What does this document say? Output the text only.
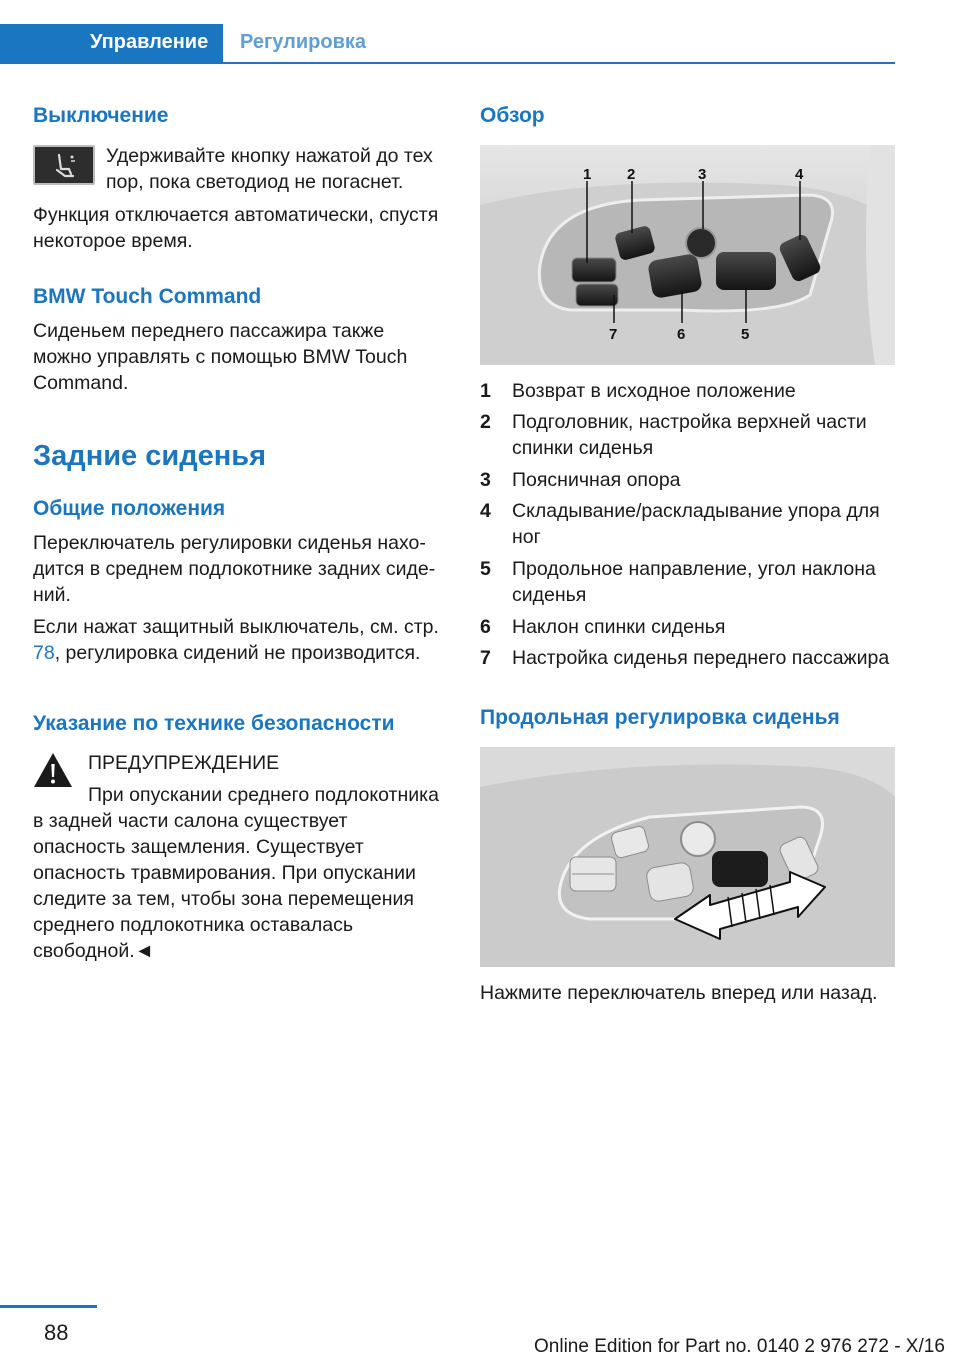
Управление	Регулировка
Выключение

Удерживайте кнопку нажатой до тех пор, пока светодиод не погаснет.

Функция отключается автоматически, спустя некоторое время.

BMW Touch Command

Сиденьем переднего пассажира также можно управлять с помощью BMW Touch Command.

Задние сиденья
Общие положения

Переключатель регулировки сиденья находится в среднем подлокотнике задних сидений.

Если нажат защитный выключатель, см. стр. 78, регулировка сидений не производится.

Указание по технике безопасности

ПРЕДУПРЕЖДЕНИЕ

При опускании среднего подлокотника в задней части салона существует опасность защемления. Существует опасность травмирования. При опускании следите за тем, чтобы зона перемещения среднего подлокотника оставалась свободной.◄

Обзор
1 2	3	4
7	6	5
1 Возврат в исходное положение
2 Подголовник, настройка верхней части спинки сиденья
3 Поясничная опора
4 Складывание/раскладывание упора для ног
5 Продольное направление, угол наклона сиденья
6 Наклон спинки сиденья
7 Настройка сиденья переднего пассажира
Продольная регулировка сиденья

Нажмите переключатель вперед или назад.

88
Online Edition for Part no. 0140 2 976 272 - X/16
